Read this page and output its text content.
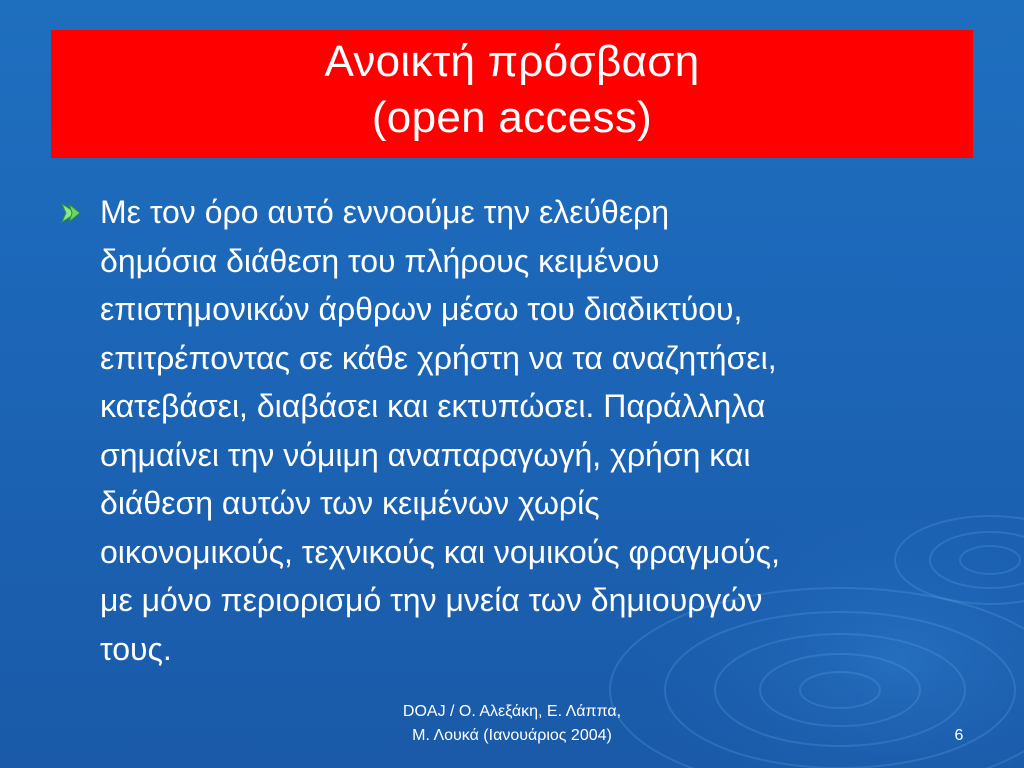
Ανοικτή πρόσβαση
(open access)
Με τον όρο αυτό εννοούμε την ελεύθερη
δημόσια διάθεση του πλήρους κειμένου
επιστημονικών άρθρων μέσω του διαδικτύου,
επιτρέποντας σε κάθε χρήστη να τα αναζητήσει,
κατεβάσει, διαβάσει και εκτυπώσει. Παράλληλα
σημαίνει την νόμιμη αναπαραγωγή, χρήση και
διάθεση αυτών των κειμένων χωρίς
οικονομικούς, τεχνικούς και νομικούς φραγμούς,
με μόνο περιορισμό την μνεία των δημιουργών
τους.
DOAJ / Ο. Αλεξάκη, Ε. Λάππα,
Μ. Λουκά (Ιανουάριος 2004)	6
